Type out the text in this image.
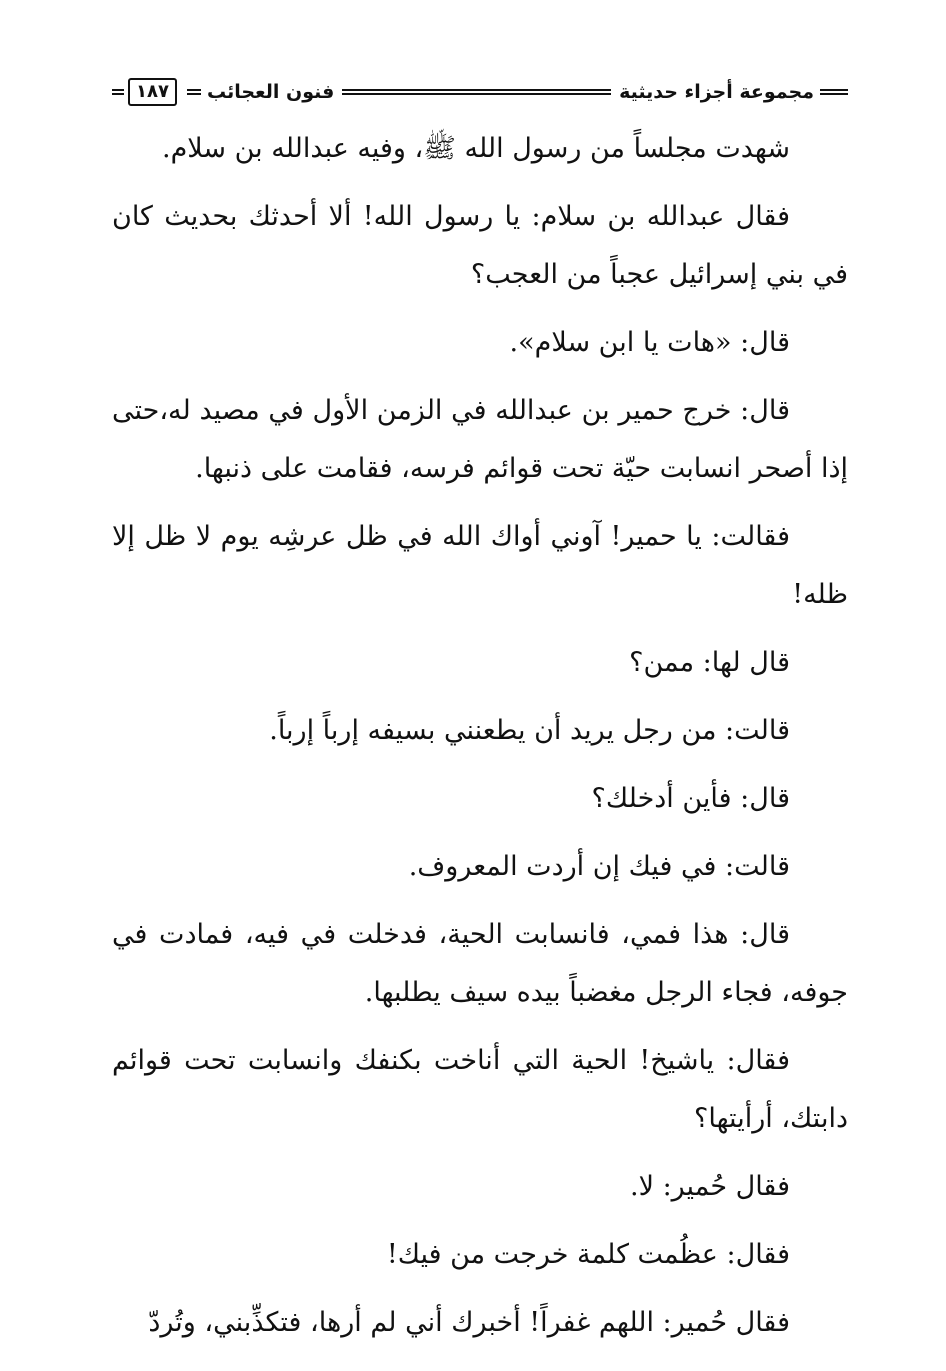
مجموعة أجزاء حديثية
فنون العجائب
١٨٧

شهدت مجلساً من رسول الله ﷺ، وفيه عبدالله بن سلام.

فقال عبدالله بن سلام: يا رسول الله! ألا أحدثك بحديث كان في بني إسرائيل عجباً من العجب؟

قال: «هات يا ابن سلام».

قال: خرج حمير بن عبدالله في الزمن الأول في مصيد له،حتى إذا أصحر انسابت حيّة تحت قوائم فرسه، فقامت على ذنبها.

فقالت: يا حمير! آوني أواك الله في ظل عرشِه يوم لا ظل إلا ظله!

قال لها: ممن؟

قالت: من رجل يريد أن يطعنني بسيفه إرباً إرباً.

قال: فأين أدخلك؟

قالت: في فيك إن أردت المعروف.

قال: هذا فمي، فانسابت الحية، فدخلت في فيه، فمادت في جوفه، فجاء الرجل مغضباً بيده سيف يطلبها.

فقال: ياشيخ! الحية التي أناخت بكنفك وانسابت تحت قوائم دابتك، أرأيتها؟

فقال حُمير: لا.

فقال: عظُمت كلمة خرجت من فيك!

فقال حُمير: اللهم غفراً! أخبرك أني لم أرها، فتكذِّبني، وتُردّ
